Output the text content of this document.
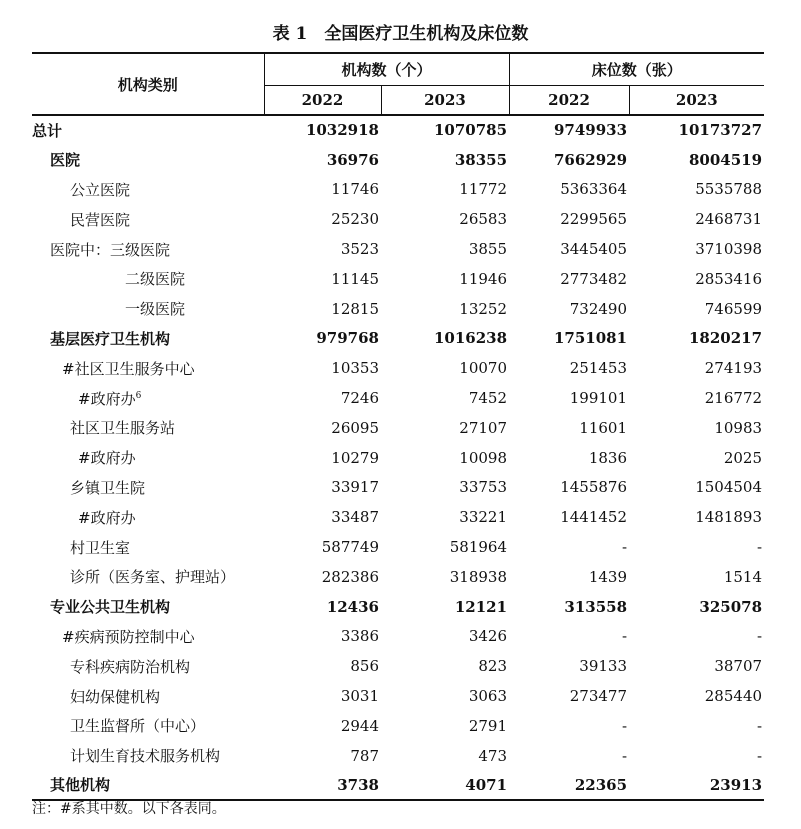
表 1　全国医疗卫生机构及床位数
机构类别	机构数（个）		床位数（张）	
	2022	2023	2022	2023
总计	1032918	1070785	9749933	10173727
医院	36976	38355	7662929	8004519
公立医院	11746	11772	5363364	5535788
民营医院	25230	26583	2299565	2468731
医院中：三级医院	3523	3855	3445405	3710398
二级医院	11145	11946	2773482	2853416
一级医院	12815	13252	732490	746599
基层医疗卫生机构	979768	1016238	1751081	1820217
#社区卫生服务中心	10353	10070	251453	274193
#政府办$^6$	7246	7452	199101	216772
社区卫生服务站	26095	27107	11601	10983
#政府办	10279	10098	1836	2025
乡镇卫生院	33917	33753	1455876	1504504
#政府办	33487	33221	1441452	1481893
村卫生室	587749	581964	-	-
诊所（医务室、护理站）	282386	318938	1439	1514
专业公共卫生机构	12436	12121	313558	325078
#疾病预防控制中心	3386	3426	-	-
专科疾病防治机构	856	823	39133	38707
妇幼保健机构	3031	3063	273477	285440
卫生监督所（中心）	2944	2791	-	-
计划生育技术服务机构	787	473	-	-
其他机构	3738	4071	22365	23913
注：#系其中数。以下各表同。
